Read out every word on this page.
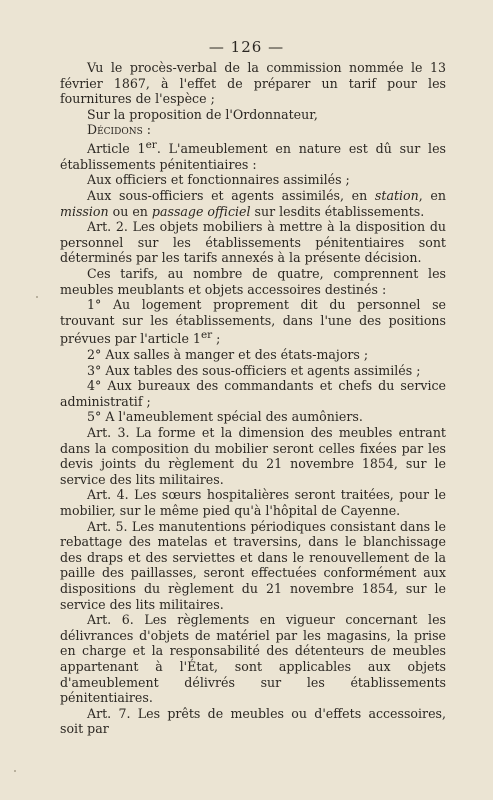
— 126 —

Vu le procès-verbal de la commission nommée le 13 février 1867, à l'effet de préparer un tarif pour les fournitures de l'espèce ;

Sur la proposition de l'Ordonnateur,

Décidons :

Article 1er. L'ameublement en nature est dû sur les établissements pénitentiaires :

Aux officiers et fonctionnaires assimilés ;

Aux sous-officiers et agents assimilés, en station, en mission ou en passage officiel sur lesdits établissements.

Art. 2. Les objets mobiliers à mettre à la disposition du personnel sur les établissements pénitentiaires sont déterminés par les tarifs annexés à la présente décision.

Ces tarifs, au nombre de quatre, comprennent les meubles meublants et objets accessoires destinés :

1° Au logement proprement dit du personnel se trouvant sur les établissements, dans l'une des positions prévues par l'article 1er ;

2° Aux salles à manger et des états-majors ;

3° Aux tables des sous-officiers et agents assimilés ;

4° Aux bureaux des commandants et chefs du service administratif ;

5° A l'ameublement spécial des aumôniers.

Art. 3. La forme et la dimension des meubles entrant dans la composition du mobilier seront celles fixées par les devis joints du règlement du 21 novembre 1854, sur le service des lits militaires.

Art. 4. Les sœurs hospitalières seront traitées, pour le mobilier, sur le même pied qu'à l'hôpital de Cayenne.

Art. 5. Les manutentions périodiques consistant dans le rebattage des matelas et traversins, dans le blanchissage des draps et des serviettes et dans le renouvellement de la paille des paillasses, seront effectuées conformément aux dispositions du règlement du 21 novembre 1854, sur le service des lits militaires.

Art. 6. Les règlements en vigueur concernant les délivrances d'objets de matériel par les magasins, la prise en charge et la responsabilité des détenteurs de meubles appartenant à l'État, sont applicables aux objets d'ameublement délivrés sur les établissements pénitentiaires.

Art. 7. Les prêts de meubles ou d'effets accessoires, soit par
